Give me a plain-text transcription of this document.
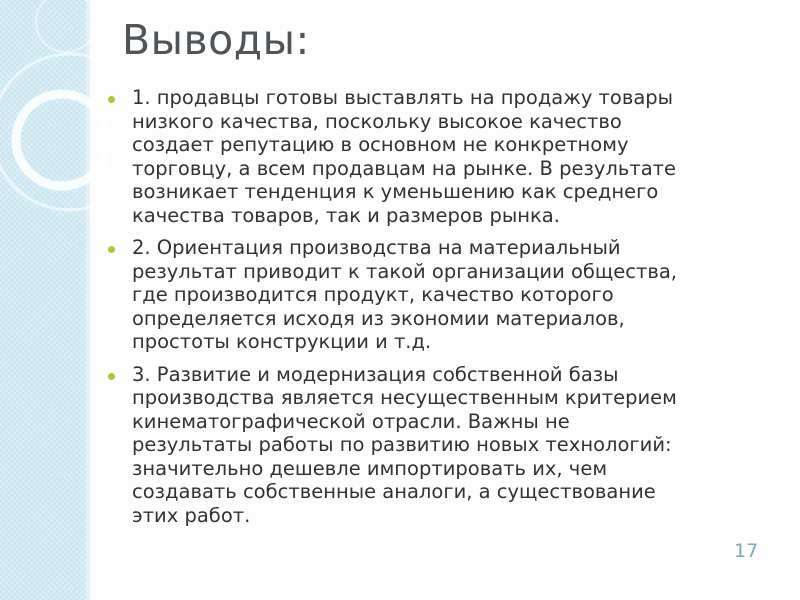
Выводы:
1. продавцы готовы выставлять на продажу товары
низкого качества, поскольку высокое качество
создает репутацию в основном не конкретному
торговцу, а всем продавцам на рынке. В результате
возникает тенденция к уменьшению как среднего
качества товаров, так и размеров рынка.
2. Ориентация производства на материальный
результат приводит к такой организации общества,
где производится продукт, качество которого
определяется исходя из экономии материалов,
простоты конструкции и т.д.
3. Развитие и модернизация собственной базы
производства является несущественным критерием
кинематографической отрасли. Важны не
результаты работы по развитию новых технологий:
значительно дешевле импортировать их, чем
создавать собственные аналоги, а существование
этих работ.
17
